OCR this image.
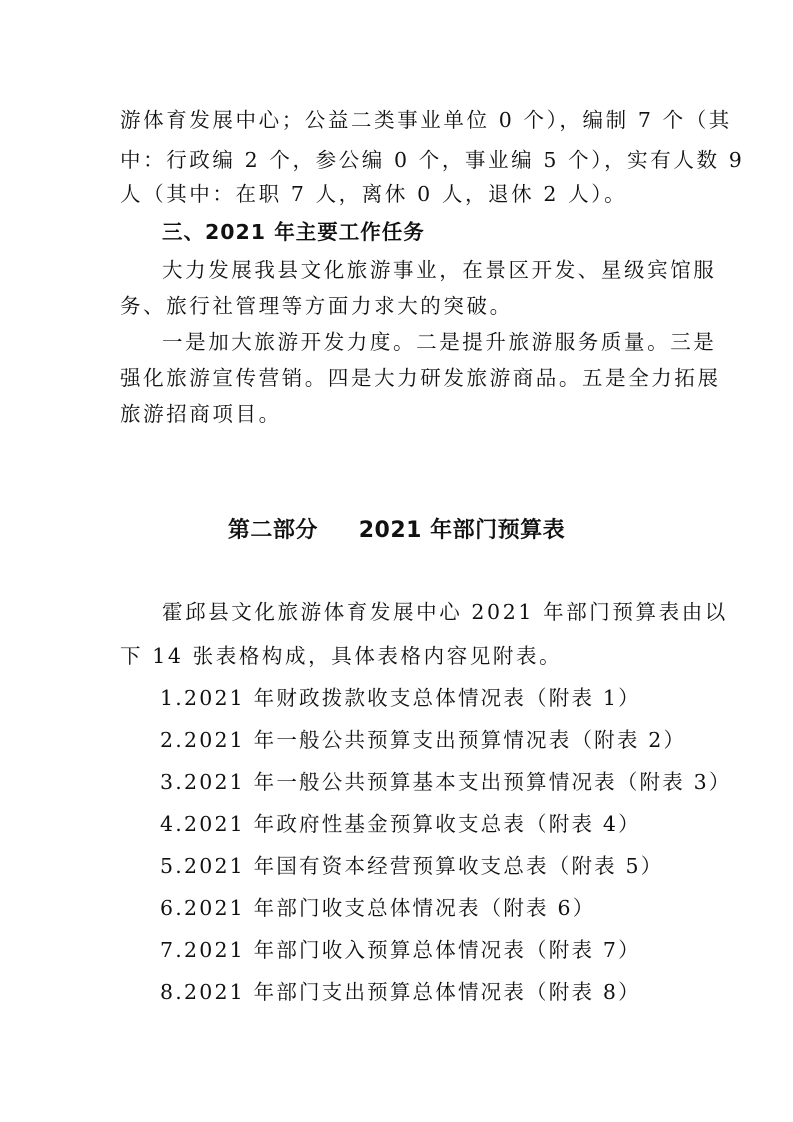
游体育发展中心；公益二类事业单位 0 个），编制 7 个（其
中：行政编 2 个，参公编 0 个，事业编 5 个），实有人数 9
人（其中：在职 7 人，离休 0 人，退休 2 人）。
三、2021 年主要工作任务
大力发展我县文化旅游事业，在景区开发、星级宾馆服
务、旅行社管理等方面力求大的突破。
一是加大旅游开发力度。二是提升旅游服务质量。三是
强化旅游宣传营销。四是大力研发旅游商品。五是全力拓展
旅游招商项目。
第二部分     2021 年部门预算表
霍邱县文化旅游体育发展中心 2021 年部门预算表由以
下 14 张表格构成，具体表格内容见附表。
1.2021 年财政拨款收支总体情况表（附表 1）
2.2021 年一般公共预算支出预算情况表（附表 2）
3.2021 年一般公共预算基本支出预算情况表（附表 3）
4.2021 年政府性基金预算收支总表（附表 4）
5.2021 年国有资本经营预算收支总表（附表 5）
6.2021 年部门收支总体情况表（附表 6）
7.2021 年部门收入预算总体情况表（附表 7）
8.2021 年部门支出预算总体情况表（附表 8）
